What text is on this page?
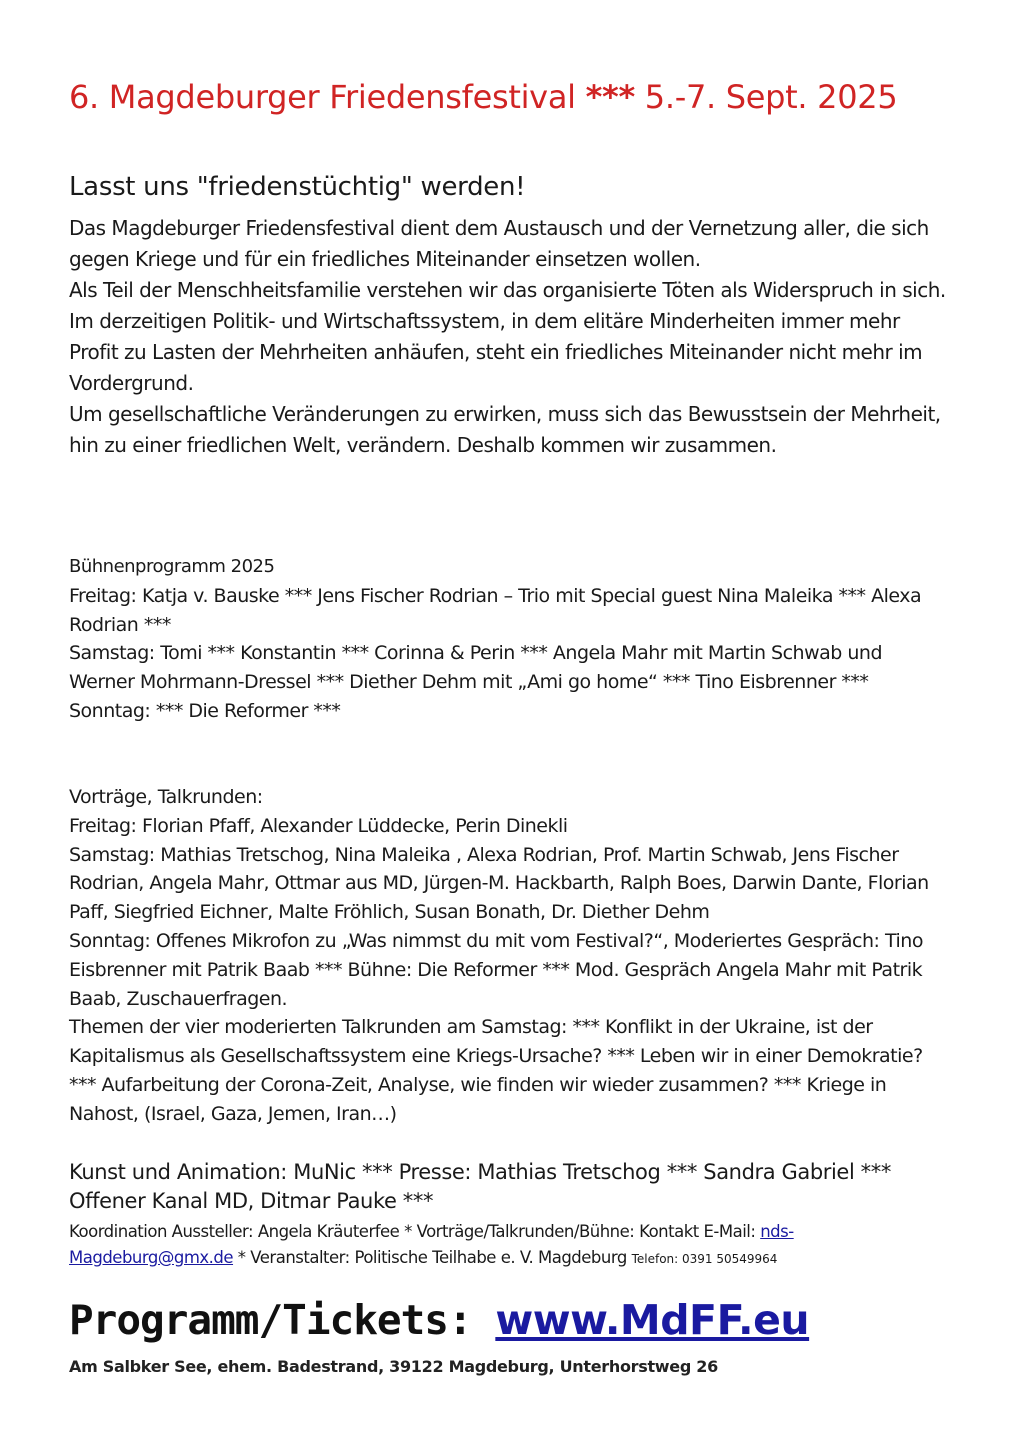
6. Magdeburger Friedensfestival *** 5.-7. Sept. 2025
Lasst uns "friedenstüchtig" werden!

Das Magdeburger Friedensfestival dient dem Austausch und der Vernetzung aller, die sich gegen Kriege und für ein friedliches Miteinander einsetzen wollen.

Als Teil der Menschheitsfamilie verstehen wir das organisierte Töten als Widerspruch in sich.

Im derzeitigen Politik- und Wirtschaftssystem, in dem elitäre Minderheiten immer mehr Profit zu Lasten der Mehrheiten anhäufen, steht ein friedliches Miteinander nicht mehr im Vordergrund.

Um gesellschaftliche Veränderungen zu erwirken, muss sich das Bewusstsein der Mehrheit, hin zu einer friedlichen Welt, verändern. Deshalb kommen wir zusammen.

Bühnenprogramm 2025

Freitag: Katja v. Bauske *** Jens Fischer Rodrian – Trio mit Special guest Nina Maleika *** Alexa Rodrian ***

Samstag: Tomi *** Konstantin *** Corinna & Perin *** Angela Mahr mit Martin Schwab und Werner Mohrmann-Dressel *** Diether Dehm mit „Ami go home“ *** Tino Eisbrenner ***

Sonntag: *** Die Reformer ***

Vorträge, Talkrunden:

Freitag: Florian Pfaff, Alexander Lüddecke, Perin Dinekli

Samstag: Mathias Tretschog, Nina Maleika , Alexa Rodrian, Prof. Martin Schwab, Jens Fischer Rodrian, Angela Mahr, Ottmar aus MD, Jürgen-M. Hackbarth, Ralph Boes, Darwin Dante, Florian Paff, Siegfried Eichner, Malte Fröhlich, Susan Bonath, Dr. Diether Dehm

Sonntag: Offenes Mikrofon zu „Was nimmst du mit vom Festival?“, Moderiertes Gespräch: Tino Eisbrenner mit Patrik Baab *** Bühne: Die Reformer *** Mod. Gespräch Angela Mahr mit Patrik Baab, Zuschauerfragen.

Themen der vier moderierten Talkrunden am Samstag: *** Konflikt in der Ukraine, ist der Kapitalismus als Gesellschaftssystem eine Kriegs-Ursache? *** Leben wir in einer Demokratie? *** Aufarbeitung der Corona-Zeit, Analyse, wie finden wir wieder zusammen? *** Kriege in Nahost, (Israel, Gaza, Jemen, Iran…)

Kunst und Animation: MuNic *** Presse: Mathias Tretschog *** Sandra Gabriel *** Offener Kanal MD, Ditmar Pauke ***
Koordination Aussteller: Angela Kräuterfee * Vorträge/Talkrunden/Bühne: Kontakt E-Mail: nds-Magdeburg@gmx.de * Veranstalter: Politische Teilhabe e. V. Magdeburg Telefon: 0391 50549964

Programm/Tickets: www.MdFF.eu

Am Salbker See, ehem. Badestrand, 39122 Magdeburg, Unterhorstweg 26
